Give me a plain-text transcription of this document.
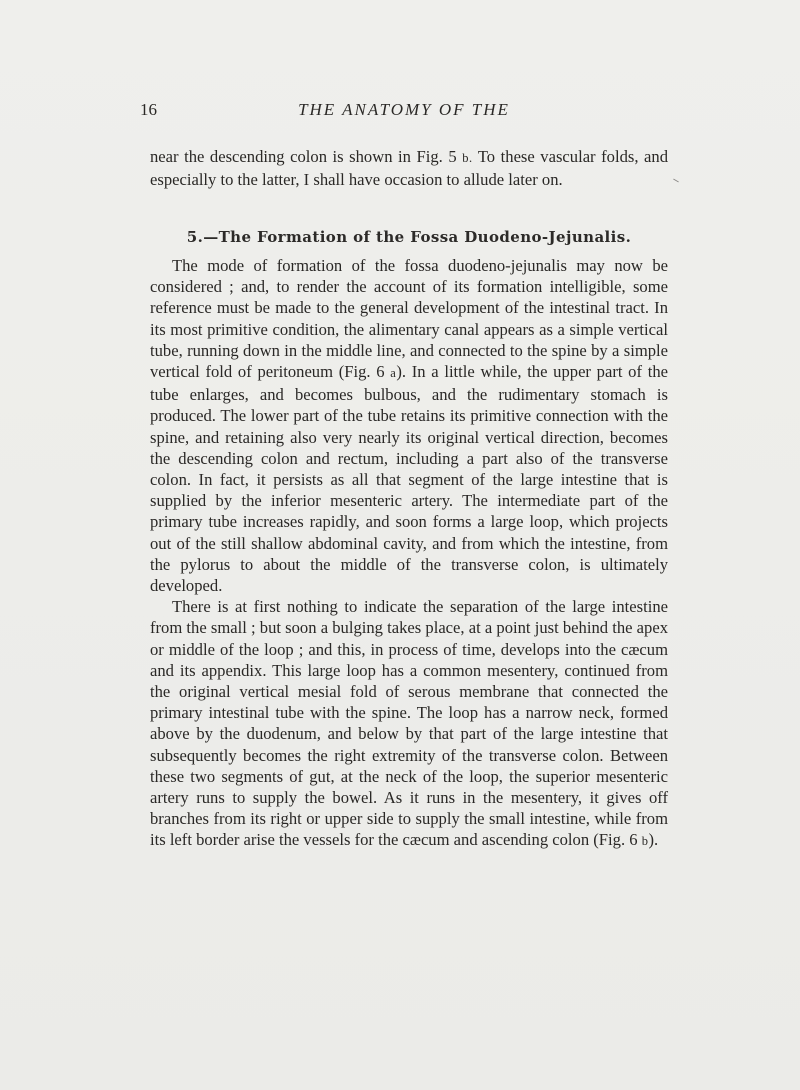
16	THE ANATOMY OF THE

near the descending colon is shown in Fig. 5 b. To these vascular folds, and especially to the latter, I shall have occasion to allude later on.

5.—The Formation of the Fossa Duodeno-Jejunalis.

The mode of formation of the fossa duodeno-jejunalis may now be considered ; and, to render the account of its formation intelligible, some reference must be made to the general development of the intestinal tract. In its most primitive condition, the alimentary canal appears as a simple vertical tube, running down in the middle line, and connected to the spine by a simple vertical fold of peritoneum (Fig. 6 a). In a little while, the upper part of the tube enlarges, and becomes bulbous, and the rudimentary stomach is produced. The lower part of the tube retains its primitive connection with the spine, and retaining also very nearly its original vertical direction, becomes the descending colon and rectum, including a part also of the transverse colon. In fact, it persists as all that segment of the large intestine that is supplied by the inferior mesenteric artery. The intermediate part of the primary tube increases rapidly, and soon forms a large loop, which projects out of the still shallow abdominal cavity, and from which the intestine, from the pylorus to about the middle of the transverse colon, is ultimately developed.

There is at first nothing to indicate the separation of the large intestine from the small ; but soon a bulging takes place, at a point just behind the apex or middle of the loop ; and this, in process of time, develops into the cæcum and its appendix. This large loop has a common mesentery, continued from the original vertical mesial fold of serous membrane that connected the primary intestinal tube with the spine. The loop has a narrow neck, formed above by the duodenum, and below by that part of the large intestine that subsequently becomes the right extremity of the transverse colon. Between these two segments of gut, at the neck of the loop, the superior mesenteric artery runs to supply the bowel. As it runs in the mesentery, it gives off branches from its right or upper side to supply the small intestine, while from its left border arise the vessels for the cæcum and ascending colon (Fig. 6 b).
